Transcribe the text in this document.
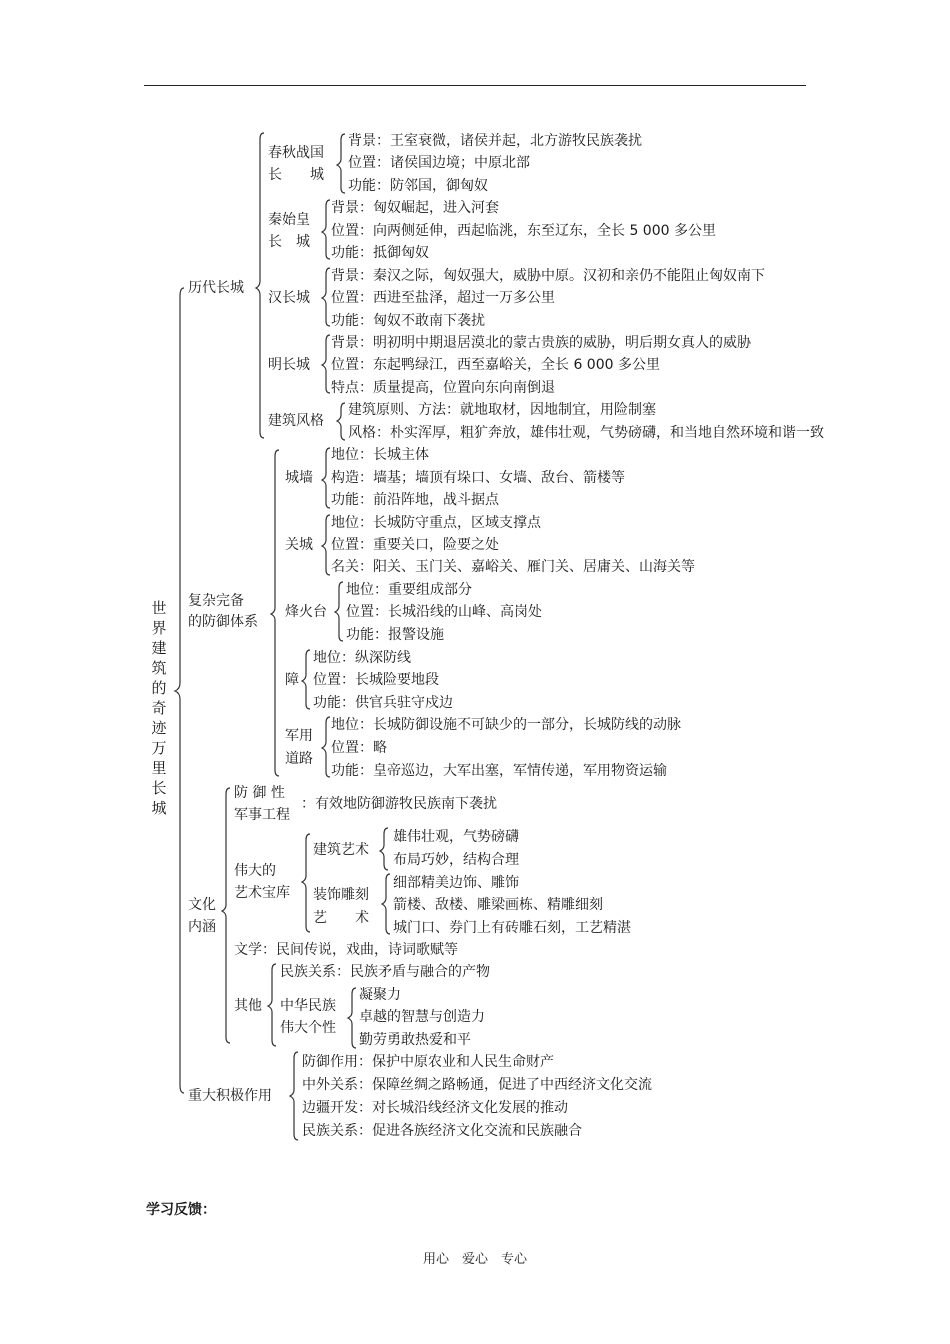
世界建筑的奇迹万里长城
历代长城
春秋战国
长　　城
背景：王室衰微，诸侯并起，北方游牧民族袭扰
位置：诸侯国边境；中原北部
功能：防邻国，御匈奴
秦始皇
长　城
背景：匈奴崛起，进入河套
位置：向两侧延伸，西起临洮，东至辽东，全长 5 000 多公里
功能：抵御匈奴
汉长城
背景：秦汉之际，匈奴强大，威胁中原。汉初和亲仍不能阻止匈奴南下
位置：西进至盐泽，超过一万多公里
功能：匈奴不敢南下袭扰
明长城
背景：明初明中期退居漠北的蒙古贵族的威胁，明后期女真人的威胁
位置：东起鸭绿江，西至嘉峪关，全长 6 000 多公里
特点：质量提高，位置向东向南倒退
建筑风格
建筑原则、方法：就地取材，因地制宜，用险制塞
风格：朴实浑厚，粗犷奔放，雄伟壮观，气势磅礴，和当地自然环境和谐一致
复杂完备
的防御体系
城墙
地位：长城主体
构造：墙基；墙顶有垛口、女墙、敌台、箭楼等
功能：前沿阵地，战斗据点
关城
地位：长城防守重点，区域支撑点
位置：重要关口，险要之处
名关：阳关、玉门关、嘉峪关、雁门关、居庸关、山海关等
烽火台
地位：重要组成部分
位置：长城沿线的山峰、高岗处
功能：报警设施
障
地位：纵深防线
位置：长城险要地段
功能：供官兵驻守戍边
军用
道路
地位：长城防御设施不可缺少的一部分，长城防线的动脉
位置：略
功能：皇帝巡边，大军出塞，军情传递，军用物资运输
文化
内涵
防 御 性
军事工程
：有效地防御游牧民族南下袭扰
伟大的
艺术宝库
建筑艺术
雄伟壮观，气势磅礴
布局巧妙，结构合理
装饰雕刻
艺　　术
细部精美边饰、雕饰
箭楼、敌楼、雕梁画栋、精雕细刻
城门口、券门上有砖雕石刻，工艺精湛
文学：民间传说，戏曲，诗词歌赋等
其他
民族关系：民族矛盾与融合的产物
中华民族
伟大个性
凝聚力
卓越的智慧与创造力
勤劳勇敢热爱和平
重大积极作用
防御作用：保护中原农业和人民生命财产
中外关系：保障丝绸之路畅通，促进了中西经济文化交流
边疆开发：对长城沿线经济文化发展的推动
民族关系：促进各族经济文化交流和民族融合
学习反馈：
用心　爱心　专心
